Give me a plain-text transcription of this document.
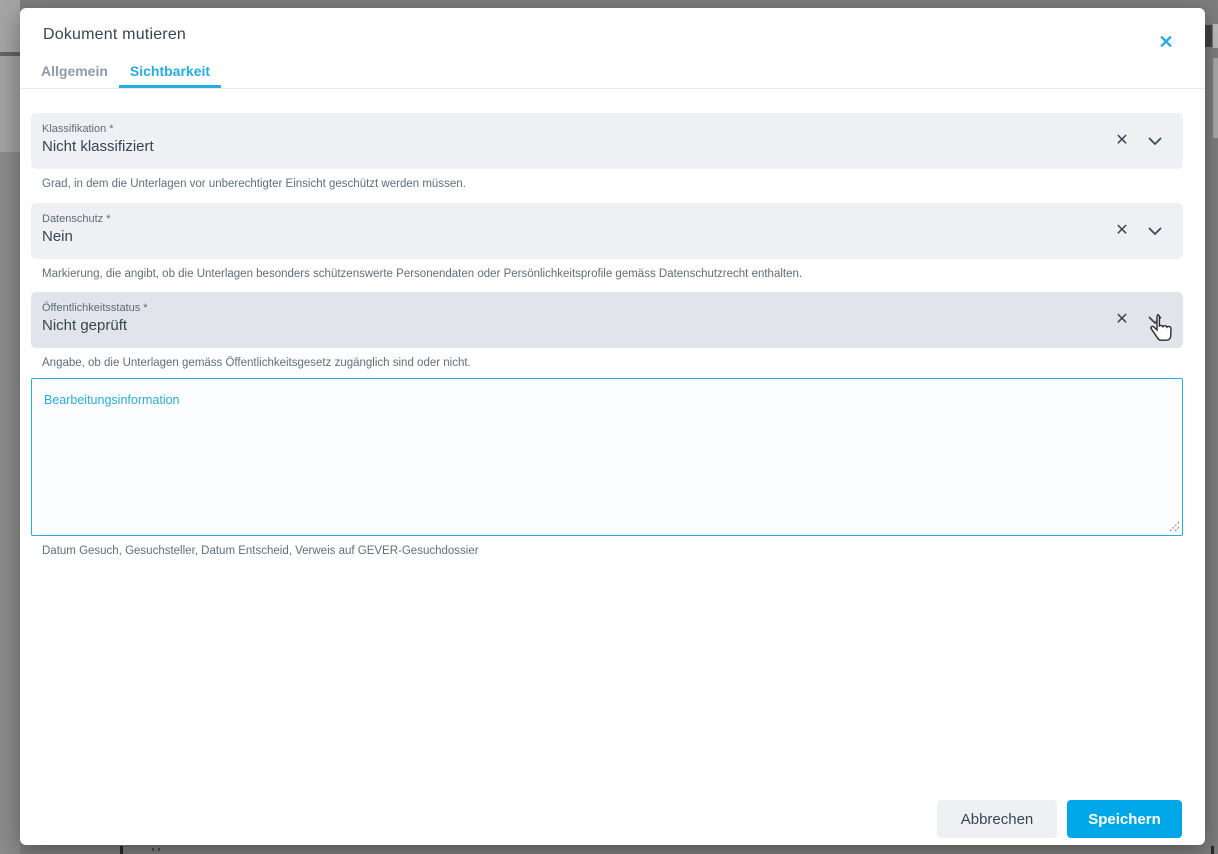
Dokument mutieren	✕
Allgemein	Sichtbarkeit
Klassifikation *
Nicht klassifiziert	✕
Grad, in dem die Unterlagen vor unberechtigter Einsicht geschützt werden müssen.
Datenschutz *
Nein	✕
Markierung, die angibt, ob die Unterlagen besonders schützenswerte Personendaten oder Persönlichkeitsprofile gemäss Datenschutzrecht enthalten.
Öffentlichkeitsstatus *
Nicht geprüft	✕
Angabe, ob die Unterlagen gemäss Öffentlichkeitsgesetz zugänglich sind oder nicht.
Bearbeitungsinformation
Datum Gesuch, Gesuchsteller, Datum Entscheid, Verweis auf GEVER-Gesuchdossier
Abbrechen	Speichern
